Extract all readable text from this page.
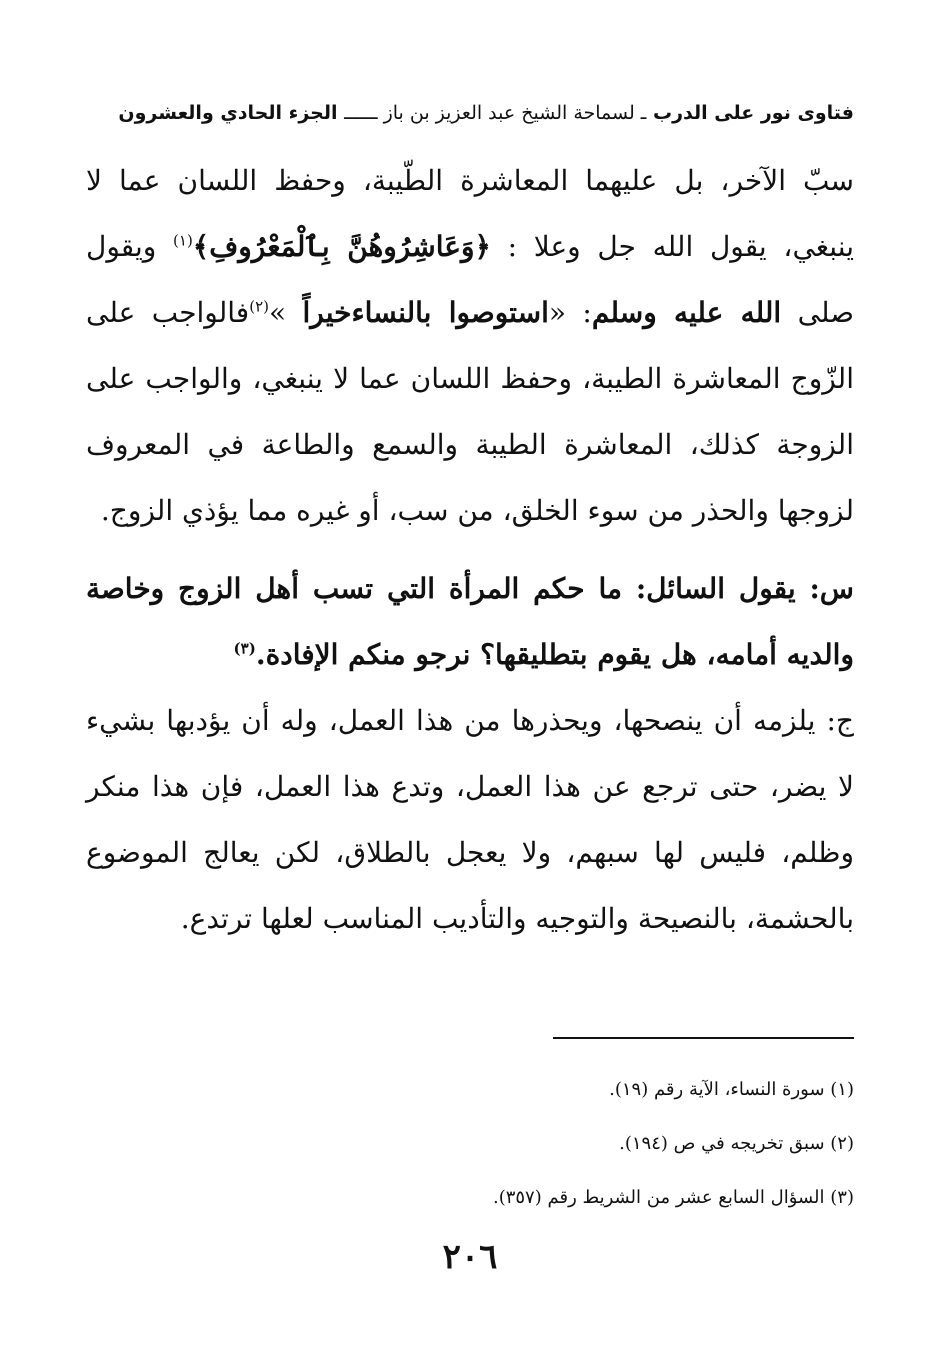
فتاوى نور على الدرب ـ لسماحة الشيخ عبد العزيز بن باز ــــــ الجزء الحادي والعشرون

سبّ الآخر، بل عليهما المعاشرة الطّيبة، وحفظ اللسان عما لا ينبغي، يقول الله جل وعلا : ﴿وَعَاشِرُوهُنَّ بِٱلْمَعْرُوفِ﴾$^{(١)}$ ويقول صلى الله عليه وسلم: «استوصوا بالنساءخيراً »$^{(٢)}$فالواجب على الزّوج المعاشرة الطيبة، وحفظ اللسان عما لا ينبغي، والواجب على الزوجة كذلك، المعاشرة الطيبة والسمع والطاعة في المعروف لزوجها والحذر من سوء الخلق، من سب، أو غيره مما يؤذي الزوج.

س: يقول السائل: ما حكم المرأة التي تسب أهل الزوج وخاصة والديه أمامه، هل يقوم بتطليقها؟ نرجو منكم الإفادة.$^{(٣)}$

ج: يلزمه أن ينصحها، ويحذرها من هذا العمل، وله أن يؤدبها بشيء لا يضر، حتى ترجع عن هذا العمل، وتدع هذا العمل، فإن هذا منكر وظلم، فليس لها سبهم، ولا يعجل بالطلاق، لكن يعالج الموضوع بالحشمة، بالنصيحة والتوجيه والتأديب المناسب لعلها ترتدع.

(١) سورة النساء، الآية رقم (١٩).
(٢) سبق تخريجه في ص (١٩٤).
(٣) السؤال السابع عشر من الشريط رقم (٣٥٧).
٢٠٦
